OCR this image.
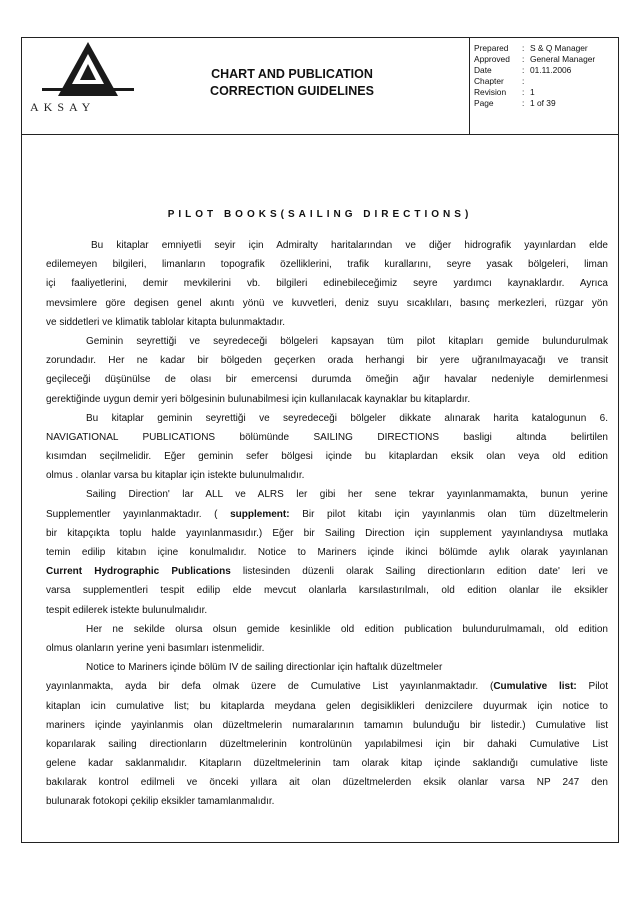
AKSAY
CHART AND PUBLICATION
CORRECTION GUIDELINES
Prepared : S & Q Manager
Approved : General Manager
Date	: 01.11.2006
Chapter :
Revision : 1
Page	: 1 of 39
PILOT BOOKS(SAILING DIRECTIONS)
Bu kitaplar emniyetli seyir için Admiralty haritalarından ve diğer hidrografik yayınlardan elde
edilemeyen bilgileri, limanların topografik özelliklerini, trafik kurallarını, seyre yasak bölgeleri, liman
içi faaliyetlerini, demir mevkilerini vb. bilgileri edinebileceğimiz seyre yardımcı kaynaklardır. Ayrıca
mevsimlere göre degisen genel akıntı yönü ve kuvvetleri, deniz suyu sıcaklıları, basınç merkezleri, rüzgar yön
ve siddetleri ve klimatik tablolar kitapta bulunmaktadır.
Geminin seyrettiği ve seyredeceği bölgeleri kapsayan tüm pilot kitapları gemide bulundurulmak
zorundadır. Her ne kadar bir bölgeden geçerken orada herhangi bir yere uğranılmayacağı ve transit
geçileceği düşünülse de olası bir emercensi durumda ömeğin ağır havalar nedeniyle demirlenmesi
gerektiğinde uygun demir yeri bölgesinin bulunabilmesi için kullanılacak kaynaklar bu kitaplardır.
Bu kitaplar geminin seyrettiği ve seyredeceği bölgeler dikkate alınarak harita katalogunun 6.
NAVIGATIONAL PUBLICATIONS bölümünde SAILING DIRECTIONS basligi altında belirtilen
kısımdan seçilmelidir. Eğer geminin sefer bölgesi içinde bu kitaplardan eksik olan veya old edition
olmus . olanlar varsa bu kitaplar için istekte bulunulmalıdır.
Sailing Direction' lar ALL ve ALRS ler gibi her sene tekrar yayınlanmamakta, bunun yerine
Supplementler yayınlanmaktadır. ( supplement: Bir pilot kitabı için yayınlanmis olan tüm düzeltmelerin
bir kitapçıkta toplu halde yayınlanmasıdır.) Eğer bir Sailing Direction için supplement yayınlandıysa mutlaka
temin edilip kitabın içine konulmalıdır. Notice to Mariners içinde ikinci bölümde aylık olarak yayınlanan
Current Hydrographic Publications listesinden düzenli olarak Sailing directionların edition date' leri ve
varsa supplementleri tespit edilip elde mevcut olanlarla karsılastırılmalı, old edition olanlar ile eksikler
tespit edilerek istekte bulunulmalıdır.
Her ne sekilde olursa olsun gemide kesinlikle old edition publication bulundurulmamalı, old edition
olmus olanların yerine yeni basımları istenmelidir.
Notice to Mariners içinde bölüm IV de sailing directionlar için haftalık düzeltmeler
yayınlanmakta, ayda bir defa olmak üzere de Cumulative List yayınlanmaktadır. (Cumulative list: Pilot
kitaplan icin cumulative list; bu kitaplarda meydana gelen degisiklikleri denizcilere duyurmak için notice to
mariners içinde yayinlanmis olan düzeltmelerin numaralarının tamamın bulunduğu bir listedir.) Cumulative list
koparılarak sailing directionların düzeltmelerinin kontrolünün yapılabilmesi için bir dahaki Cumulative List
gelene kadar saklanmalıdır. Kitapların düzeltmelerinin tam olarak kitap içinde saklandığı cumulative liste
bakılarak kontrol edilmeli ve önceki yıllara ait olan düzeltmelerden eksik olanlar varsa NP 247 den
bulunarak fotokopi çekilip eksikler tamamlanmalıdır.
